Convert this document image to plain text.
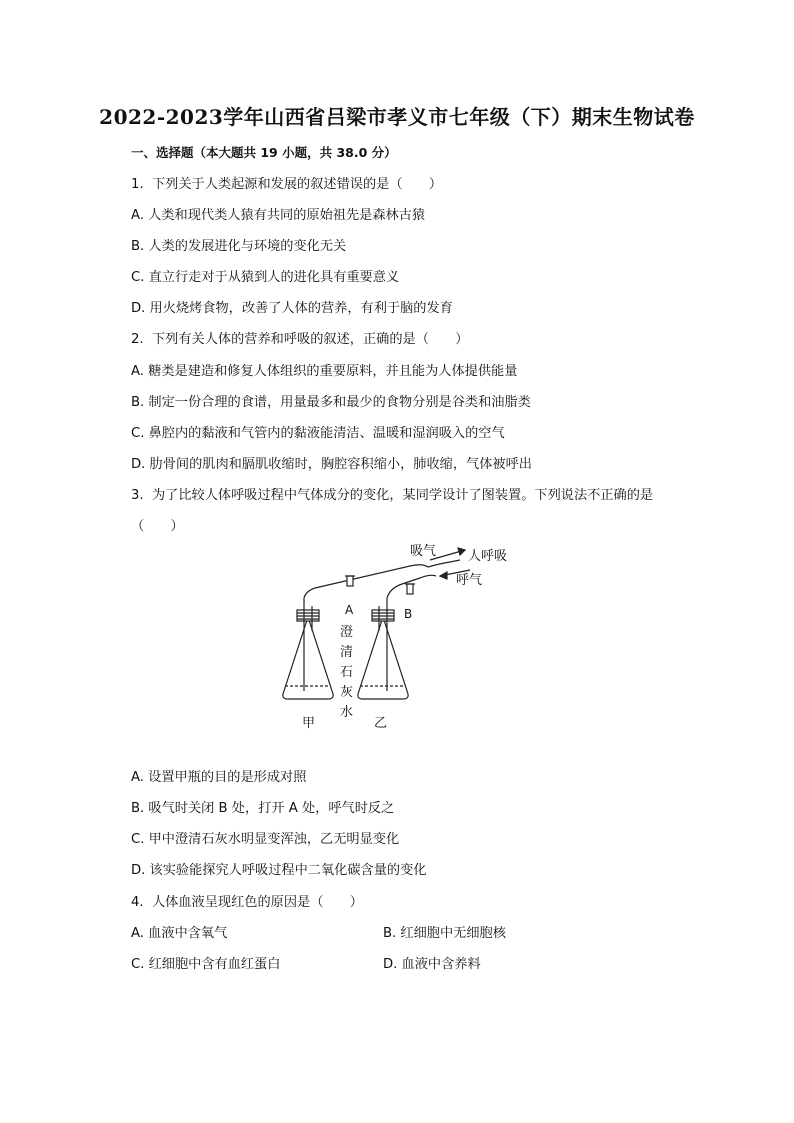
2022-2023学年山西省吕梁市孝义市七年级（下）期末生物试卷
一、选择题（本大题共 19 小题，共 38.0 分）
1. 下列关于人类起源和发展的叙述错误的是（　　）
A. 人类和现代类人猿有共同的原始祖先是森林古猿
B. 人类的发展进化与环境的变化无关
C. 直立行走对于从猿到人的进化具有重要意义
D. 用火烧烤食物，改善了人体的营养，有利于脑的发育
2. 下列有关人体的营养和呼吸的叙述，正确的是（　　）
A. 糖类是建造和修复人体组织的重要原料，并且能为人体提供能量
B. 制定一份合理的食谱，用量最多和最少的食物分别是谷类和油脂类
C. 鼻腔内的黏液和气管内的黏液能清洁、温暖和湿润吸入的空气
D. 肋骨间的肌肉和膈肌收缩时，胸腔容积缩小，肺收缩，气体被呼出
3. 为了比较人体呼吸过程中气体成分的变化，某同学设计了图装置。下列说法不正确的是
（　　）
吸气 人呼吸
呼气
A	B
澄
清
石
灰
水
甲	乙
A. 设置甲瓶的目的是形成对照
B. 吸气时关闭 B 处，打开 A 处，呼气时反之
C. 甲中澄清石灰水明显变浑浊，乙无明显变化
D. 该实验能探究人呼吸过程中二氧化碳含量的变化
4. 人体血液呈现红色的原因是（　　）
A. 血液中含氧气	B. 红细胞中无细胞核
C. 红细胞中含有血红蛋白	D. 血液中含养料
